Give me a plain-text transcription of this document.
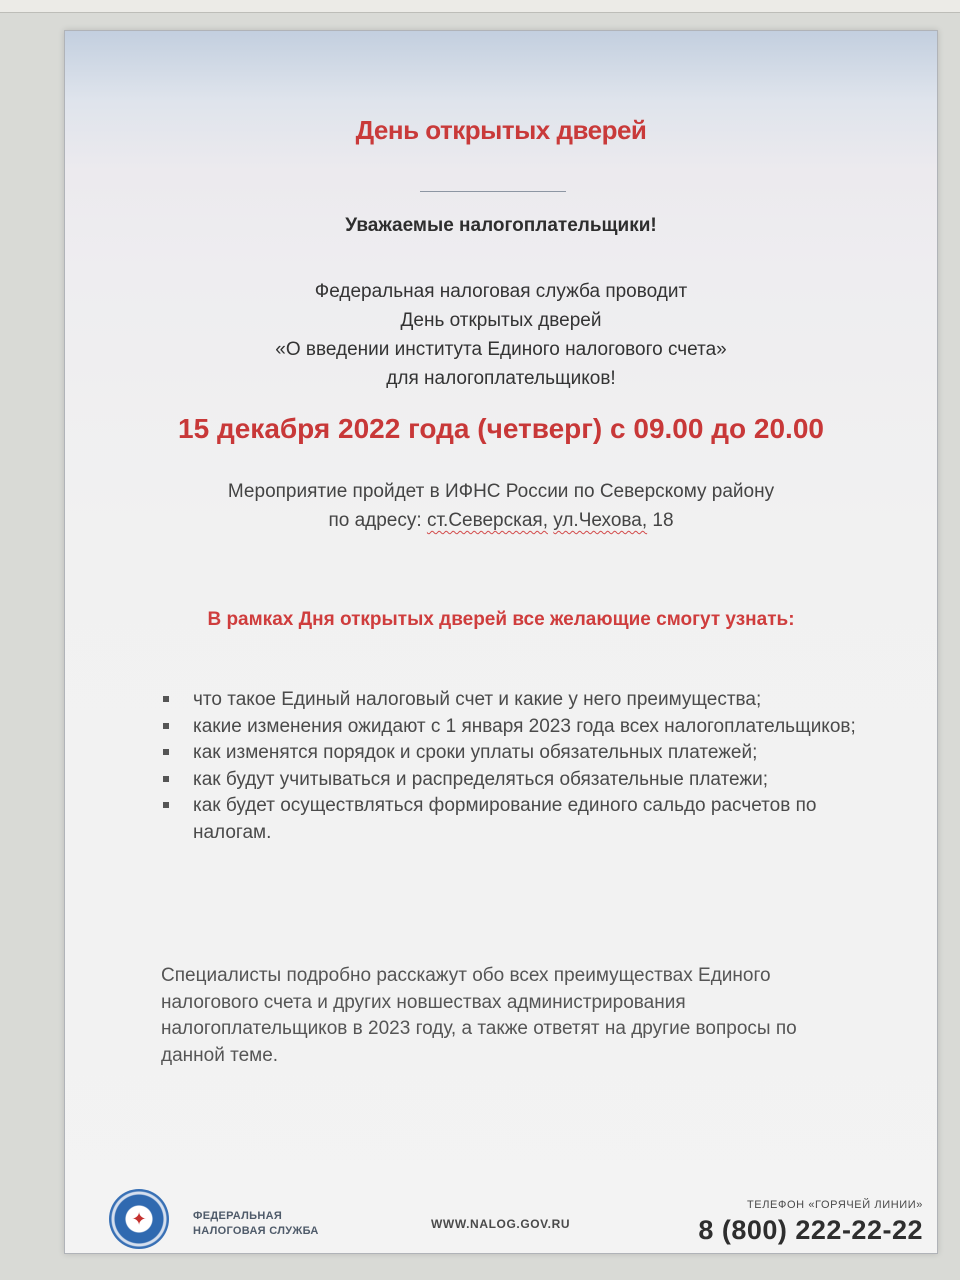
День открытых дверей
Уважаемые налогоплательщики!
Федеральная налоговая служба проводит
День открытых дверей
«О введении института Единого налогового счета»
для налогоплательщиков!
15 декабря 2022 года (четверг) с 09.00 до 20.00
Мероприятие пройдет в ИФНС России по Северскому району
по адресу: ст.Северская, ул.Чехова, 18
В рамках Дня открытых дверей все желающие смогут узнать:
что такое Единый налоговый счет и какие у него преимущества;
какие изменения ожидают с 1 января 2023 года всех налогоплательщиков;
как изменятся порядок и сроки уплаты обязательных платежей;
как будут учитываться и распределяться обязательные платежи;
как будет осуществляться формирование единого сальдо расчетов по налогам.
Специалисты подробно расскажут обо всех преимуществах Единого налогового счета и других новшествах администрирования налогоплательщиков в 2023 году, а также ответят на другие вопросы по данной теме.
✦	ФЕДЕРАЛЬНАЯ
НАЛОГОВАЯ СЛУЖБА	WWW.NALOG.GOV.RU
ТЕЛЕФОН «ГОРЯЧЕЙ ЛИНИИ»
8 (800) 222-22-22
